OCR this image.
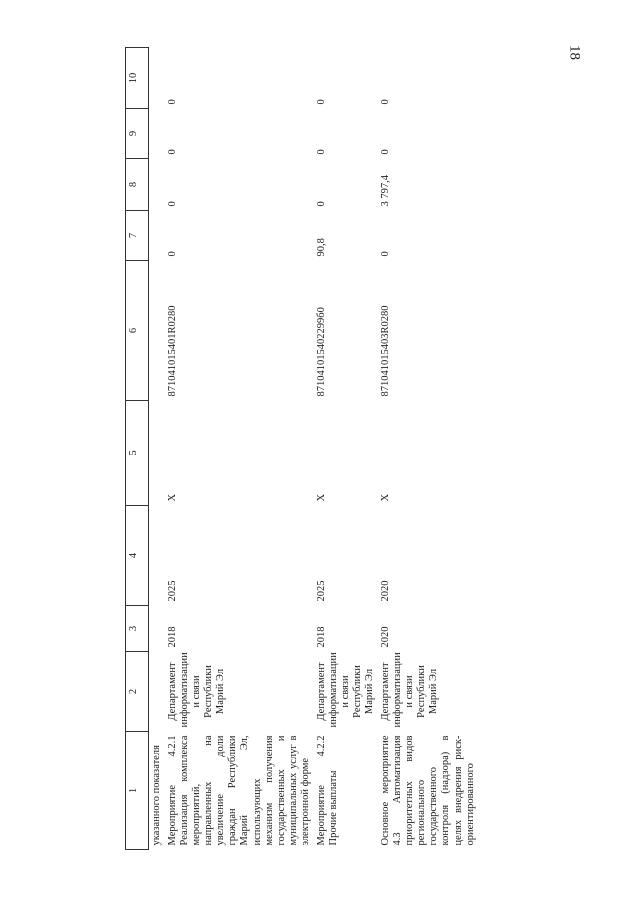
18
1	2	3	4	5	6	7	8	9	10
указанного показателя									
Мероприятие 4.2.1 Реализация комплекса мероприятий, направленных на увеличение доли граждан Республики Марий Эл, использующих механизм получения государственных и муниципальных услуг в электронной форме	Департамент информатизации и связи Республики Марий Эл	2018	2025	Х	871041015401R0280	0	0	0	0
Мероприятие 4.2.2 Прочие выплаты	Департамент информатизации и связи Республики Марий Эл	2018	2025	Х	871041015402299б0	90,8	0	0	0
Основное мероприятие 4.3 Автоматизация приоритетных видов регионального государственного контроля (надзора) в целях внедрения риск-ориентированного	Департамент информатизации и связи Республики Марий Эл	2020	2020	Х	871041015403R0280	0	3 797,4	0	0
